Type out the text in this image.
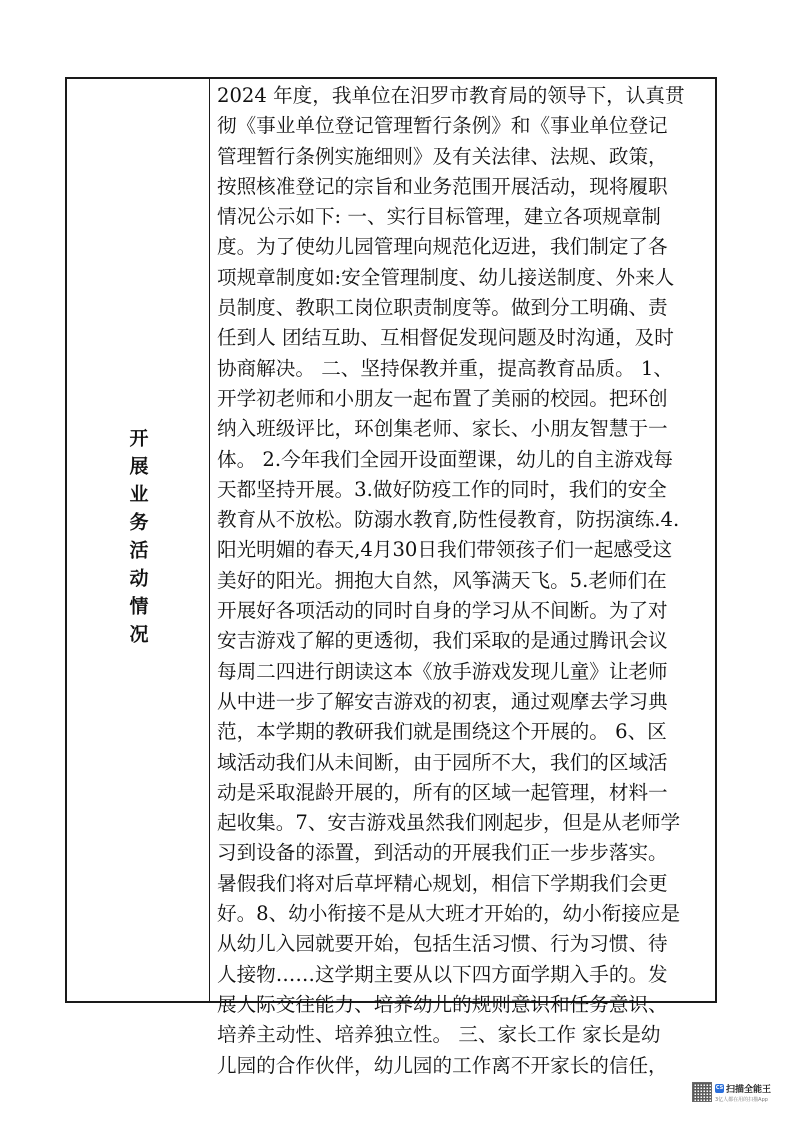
开展业务活动情况
2024 年度，我单位在汨罗市教育局的领导下，认真贯
彻《事业单位登记管理暂行条例》和《事业单位登记
管理暂行条例实施细则》及有关法律、法规、政策，
按照核准登记的宗旨和业务范围开展活动，现将履职
情况公示如下: 一、实行目标管理，建立各项规章制
度。为了使幼儿园管理向规范化迈进，我们制定了各
项规章制度如:安全管理制度、幼儿接送制度、外来人
员制度、教职工岗位职责制度等。做到分工明确、责
任到人 团结互助、互相督促发现问题及时沟通，及时
协商解决。 二、坚持保教并重，提高教育品质。 1、
开学初老师和小朋友一起布置了美丽的校园。把环创
纳入班级评比，环创集老师、家长、小朋友智慧于一
体。 2.今年我们全园开设面塑课，幼儿的自主游戏每
天都坚持开展。3.做好防疫工作的同时，我们的安全
教育从不放松。防溺水教育,防性侵教育，防拐演练.4.
阳光明媚的春天,4月30日我们带领孩子们一起感受这
美好的阳光。拥抱大自然，风筝满天飞。5.老师们在
开展好各项活动的同时自身的学习从不间断。为了对
安吉游戏了解的更透彻，我们采取的是通过腾讯会议
每周二四进行朗读这本《放手游戏发现儿童》让老师
从中进一步了解安吉游戏的初衷，通过观摩去学习典
范，本学期的教研我们就是围绕这个开展的。 6、区
域活动我们从未间断，由于园所不大，我们的区域活
动是采取混龄开展的，所有的区域一起管理，材料一
起收集。7、安吉游戏虽然我们刚起步，但是从老师学
习到设备的添置，到活动的开展我们正一步步落实。
暑假我们将对后草坪精心规划，相信下学期我们会更
好。8、幼小衔接不是从大班才开始的，幼小衔接应是
从幼儿入园就要开始，包括生活习惯、行为习惯、待
人接物……这学期主要从以下四方面学期入手的。发
展人际交往能力、培养幼儿的规则意识和任务意识、
培养主动性、培养独立性。 三、家长工作 家长是幼
儿园的合作伙伴，幼儿园的工作离不开家长的信任，
CS 扫描全能王
3亿人都在用的扫描App
